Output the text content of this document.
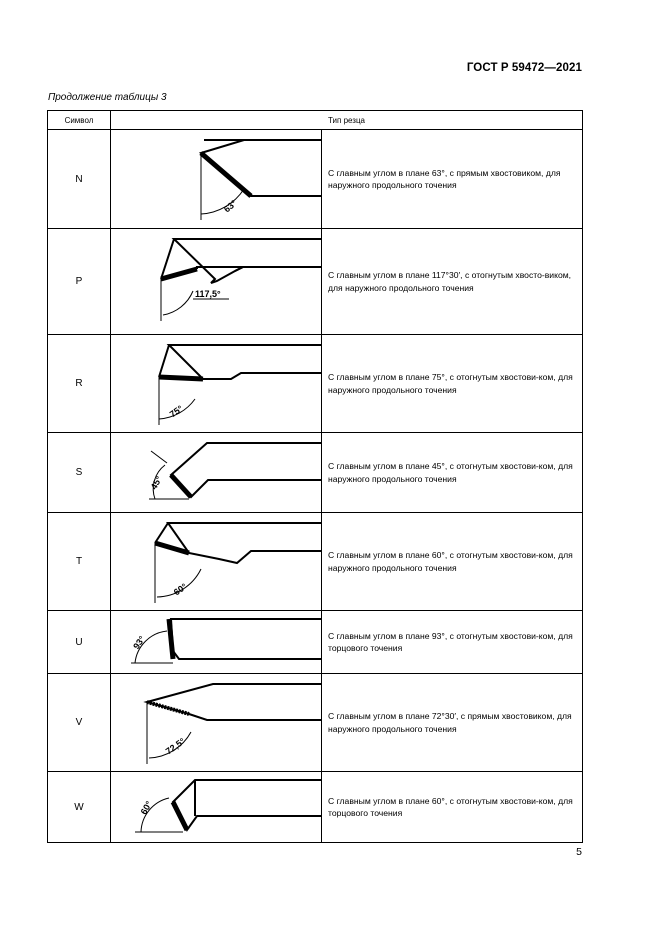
ГОСТ Р 59472—2021
Продолжение таблицы 3
Символ	Тип резца	
N	63°	С главным углом в плане 63°, с прямым хвостовиком, для наружного продольного точения
P	117,5°	С главным углом в плане 117°30′, с отогнутым хвосто-виком, для наружного продольного точения
R	75°	С главным углом в плане 75°, с отогнутым хвостови-ком, для наружного продольного точения
S	45°	С главным углом в плане 45°, с отогнутым хвостови-ком, для наружного продольного точения
T	60°	С главным углом в плане 60°, с отогнутым хвостови-ком, для наружного продольного точения
U	93°	С главным углом в плане 93°, с отогнутым хвостови-ком, для торцового точения
V	72,5°	С главным углом в плане 72°30′, с прямым хвостовиком, для наружного продольного точения
W	60°	С главным углом в плане 60°, с отогнутым хвостови-ком, для торцового точения
5
